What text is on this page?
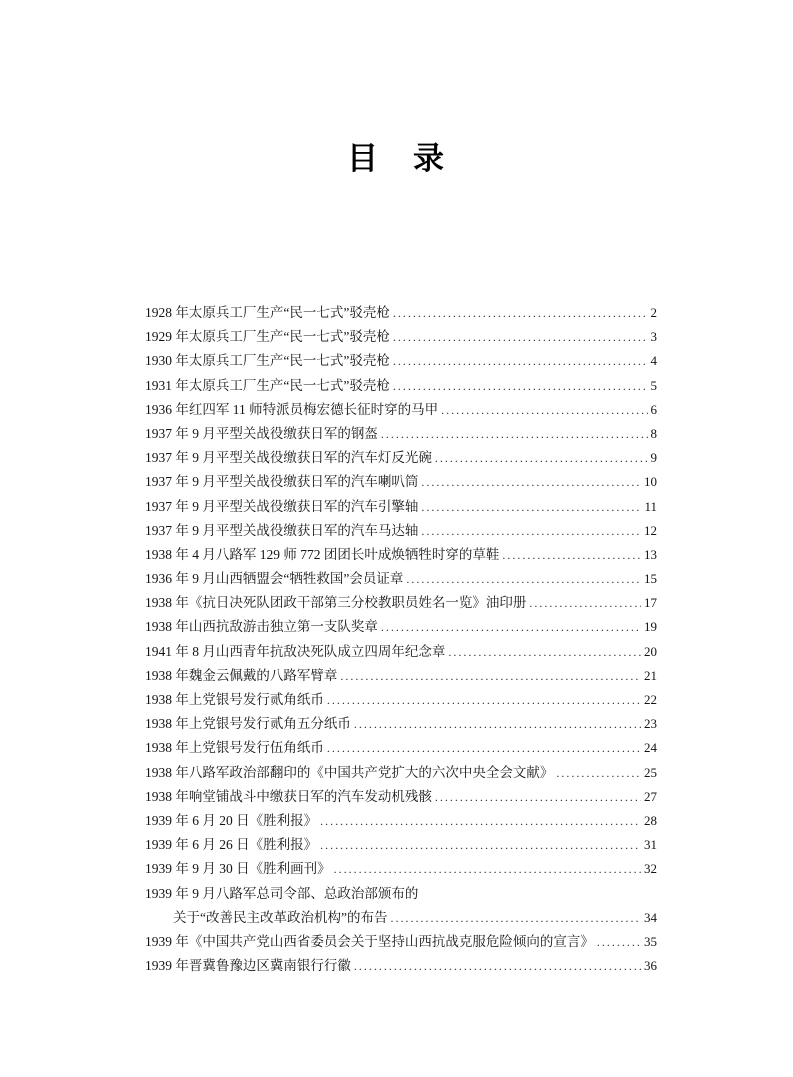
目　录
1928 年太原兵工厂生产“民一七式”驳壳枪 .....	2
1929 年太原兵工厂生产“民一七式”驳壳枪 .....	3
1930 年太原兵工厂生产“民一七式”驳壳枪 .....	4
1931 年太原兵工厂生产“民一七式”驳壳枪 .....	5
1936 年红四军 11 师特派员梅宏德长征时穿的马甲 .....	6
1937 年 9 月平型关战役缴获日军的钢盔 .....	8
1937 年 9 月平型关战役缴获日军的汽车灯反光碗 .....	9
1937 年 9 月平型关战役缴获日军的汽车喇叭筒 .....	10
1937 年 9 月平型关战役缴获日军的汽车引擎轴 .....	11
1937 年 9 月平型关战役缴获日军的汽车马达轴 .....	12
1938 年 4 月八路军 129 师 772 团团长叶成焕牺牲时穿的草鞋 .....	13
1936 年 9 月山西牺盟会“牺牲救国”会员证章 .....	15
1938 年《抗日决死队团政干部第三分校教职员姓名一览》油印册 .....	17
1938 年山西抗敌游击独立第一支队奖章 .....	19
1941 年 8 月山西青年抗敌决死队成立四周年纪念章 .....	20
1938 年魏金云佩戴的八路军臂章 .....	21
1938 年上党银号发行贰角纸币 .....	22
1938 年上党银号发行贰角五分纸币 .....	23
1938 年上党银号发行伍角纸币 .....	24
1938 年八路军政治部翻印的《中国共产党扩大的六次中央全会文献》 .....	25
1938 年响堂铺战斗中缴获日军的汽车发动机残骸 .....	27
1939 年 6 月 20 日《胜利报》 .....	28
1939 年 6 月 26 日《胜利报》 .....	31
1939 年 9 月 30 日《胜利画刊》 .....	32
1939 年 9 月八路军总司令部、总政治部颁布的
关于“改善民主改革政治机构”的布告 .....	34
1939 年《中国共产党山西省委员会关于坚持山西抗战克服危险倾向的宣言》 .....	35
1939 年晋冀鲁豫边区冀南银行行徽 .....	36
